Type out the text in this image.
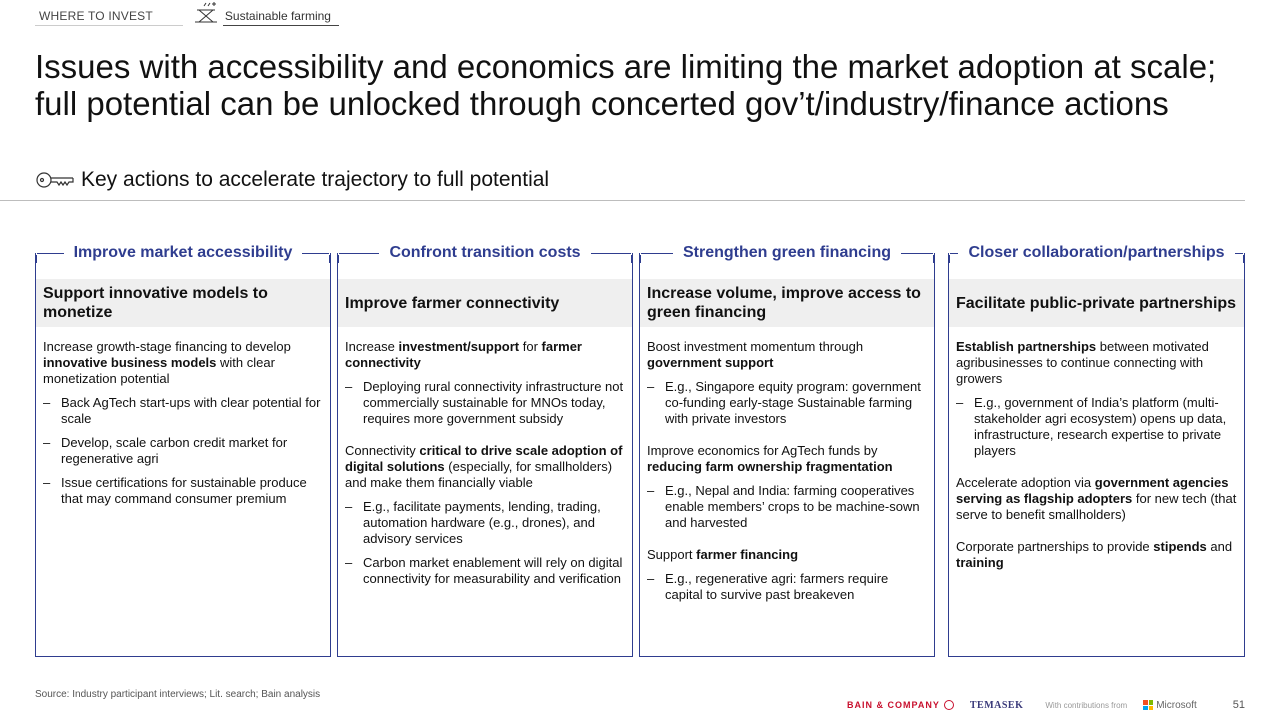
WHERE TO INVEST	Sustainable farming
Issues with accessibility and economics are limiting the market adoption at scale;
full potential can be unlocked through concerted gov’t/industry/finance actions
Key actions to accelerate trajectory to full potential
Improve market accessibility
Support innovative models to monetize
Increase growth-stage financing to develop innovative business models with clear monetization potential
– Back AgTech start-ups with clear potential for scale
– Develop, scale carbon credit market for regenerative agri
– Issue certifications for sustainable produce that may command consumer premium
Confront transition costs
Improve farmer connectivity
Increase investment/support for farmer connectivity
– Deploying rural connectivity infrastructure not commercially sustainable for MNOs today, requires more government subsidy
Connectivity critical to drive scale adoption of digital solutions (especially, for smallholders) and make them financially viable
– E.g., facilitate payments, lending, trading, automation hardware (e.g., drones), and advisory services
– Carbon market enablement will rely on digital connectivity for measurability and verification
Strengthen green financing
Increase volume, improve access to green financing
Boost investment momentum through government support
– E.g., Singapore equity program: government co-funding early-stage Sustainable farming with private investors
Improve economics for AgTech funds by reducing farm ownership fragmentation
– E.g., Nepal and India: farming cooperatives enable members’ crops to be machine-sown and harvested
Support farmer financing
– E.g., regenerative agri: farmers require capital to survive past breakeven
Closer collaboration/partnerships
Facilitate public-private partnerships
Establish partnerships between motivated agribusinesses to continue connecting with growers
– E.g., government of India’s platform (multi-stakeholder agri ecosystem) opens up data, infrastructure, research expertise to private players
Accelerate adoption via government agencies serving as flagship adopters for new tech (that serve to benefit smallholders)
Corporate partnerships to provide stipends and training
Source: Industry participant interviews; Lit. search; Bain analysis
BAIN & COMPANY	TEMASEK	With contributions from	Microsoft	51
